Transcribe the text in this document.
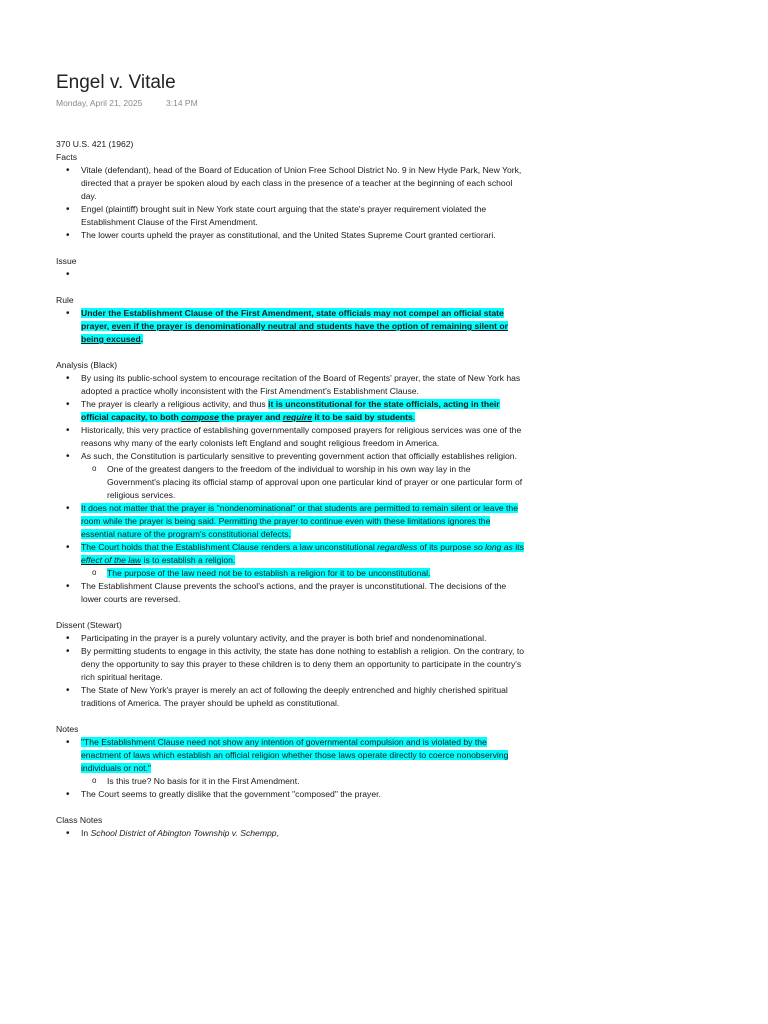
Engel v. Vitale
Monday, April 21, 2025	3:14 PM

370 U.S. 421 (1962)

Facts

• Vitale (defendant), head of the Board of Education of Union Free School District No. 9 in New Hyde Park, New York, directed that a prayer be spoken aloud by each class in the presence of a teacher at the beginning of each school day.
• Engel (plaintiff) brought suit in New York state court arguing that the state's prayer requirement violated the Establishment Clause of the First Amendment.
• The lower courts upheld the prayer as constitutional, and the United States Supreme Court granted certiorari.

Issue

•

Rule

• Under the Establishment Clause of the First Amendment, state officials may not compel an official state prayer, even if the prayer is denominationally neutral and students have the option of remaining silent or being excused.

Analysis (Black)

• By using its public-school system to encourage recitation of the Board of Regents' prayer, the state of New York has adopted a practice wholly inconsistent with the First Amendment's Establishment Clause.
• The prayer is clearly a religious activity, and thus it is unconstitutional for the state officials, acting in their official capacity, to both compose the prayer and require it to be said by students.
• Historically, this very practice of establishing governmentally composed prayers for religious services was one of the reasons why many of the early colonists left England and sought religious freedom in America.
• As such, the Constitution is particularly sensitive to preventing government action that officially establishes religion.
o One of the greatest dangers to the freedom of the individual to worship in his own way lay in the Government's placing its official stamp of approval upon one particular kind of prayer or one particular form of religious services.
• It does not matter that the prayer is "nondenominational" or that students are permitted to remain silent or leave the room while the prayer is being said. Permitting the prayer to continue even with these limitations ignores the essential nature of the program's constitutional defects.
• The Court holds that the Establishment Clause renders a law unconstitutional regardless of its purpose so long as its effect of the law is to establish a religion.
o The purpose of the law need not be to establish a religion for it to be unconstitutional.
• The Establishment Clause prevents the school's actions, and the prayer is unconstitutional. The decisions of the lower courts are reversed.

Dissent (Stewart)

• Participating in the prayer is a purely voluntary activity, and the prayer is both brief and nondenominational.
• By permitting students to engage in this activity, the state has done nothing to establish a religion. On the contrary, to deny the opportunity to say this prayer to these children is to deny them an opportunity to participate in the country's rich spiritual heritage.
• The State of New York's prayer is merely an act of following the deeply entrenched and highly cherished spiritual traditions of America. The prayer should be upheld as constitutional.

Notes

• "The Establishment Clause need not show any intention of governmental compulsion and is violated by the enactment of laws which establish an official religion whether those laws operate directly to coerce nonobserving individuals or not."
o Is this true? No basis for it in the First Amendment.
• The Court seems to greatly dislike that the government "composed" the prayer.

Class Notes

• In School District of Abington Township v. Schempp,
